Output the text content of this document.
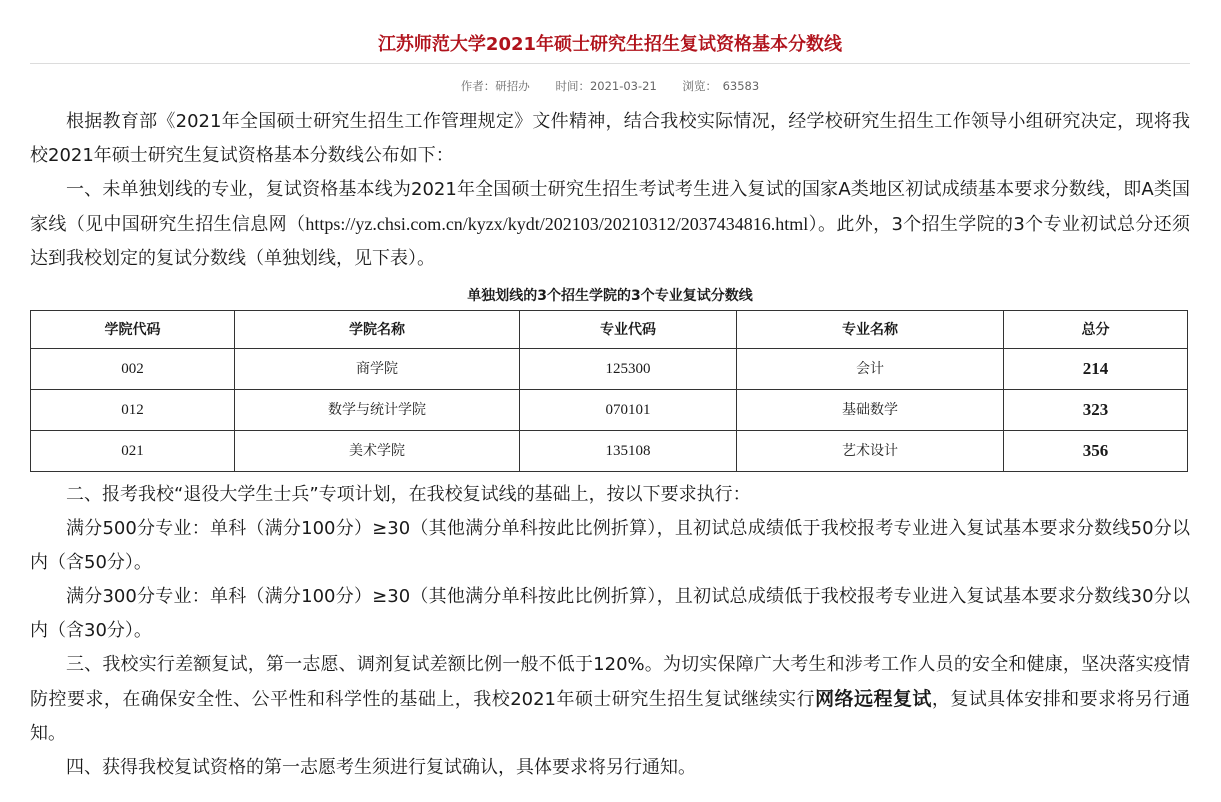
江苏师范大学2021年硕士研究生招生复试资格基本分数线
作者：研招办 时间：2021-03-21 浏览： 63583

根据教育部《2021年全国硕士研究生招生工作管理规定》文件精神，结合我校实际情况，经学校研究生招生工作领导小组研究决定，现将我校2021年硕士研究生复试资格基本分数线公布如下：

一、未单独划线的专业，复试资格基本线为2021年全国硕士研究生招生考试考生进入复试的国家A类地区初试成绩基本要求分数线，即A类国家线（见中国研究生招生信息网（https://yz.chsi.com.cn/kyzx/kydt/202103/20210312/2037434816.html）。此外，3个招生学院的3个专业初试总分还须达到我校划定的复试分数线（单独划线，见下表）。

单独划线的3个招生学院的3个专业复试分数线
学院代码	学院名称	专业代码	专业名称	总分
002	商学院	125300	会计	214
012	数学与统计学院	070101	基础数学	323
021	美术学院	135108	艺术设计	356

二、报考我校“退役大学生士兵”专项计划，在我校复试线的基础上，按以下要求执行：

满分500分专业：单科（满分100分）≥30（其他满分单科按此比例折算），且初试总成绩低于我校报考专业进入复试基本要求分数线50分以内（含50分）。

满分300分专业：单科（满分100分）≥30（其他满分单科按此比例折算），且初试总成绩低于我校报考专业进入复试基本要求分数线30分以内（含30分）。

三、我校实行差额复试，第一志愿、调剂复试差额比例一般不低于120%。为切实保障广大考生和涉考工作人员的安全和健康，坚决落实疫情防控要求，在确保安全性、公平性和科学性的基础上，我校2021年硕士研究生招生复试继续实行网络远程复试，复试具体安排和要求将另行通知。

四、获得我校复试资格的第一志愿考生须进行复试确认，具体要求将另行通知。
